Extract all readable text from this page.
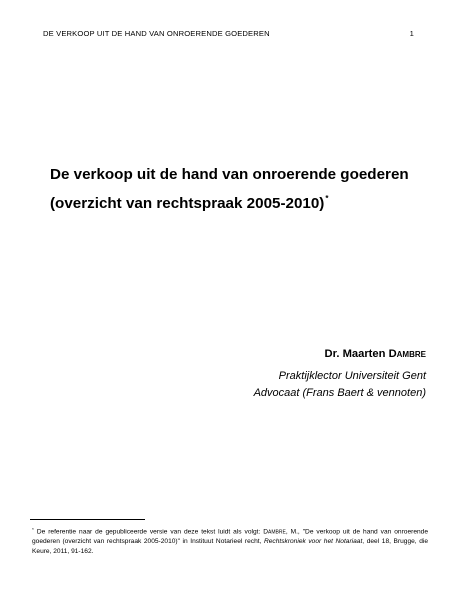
DE VERKOOP UIT DE HAND VAN ONROERENDE GOEDEREN	1
De verkoop uit de hand van onroerende goederen
(overzicht van rechtspraak 2005-2010)*
Dr. Maarten Dambre
Praktijklector Universiteit Gent
Advocaat (Frans Baert & vennoten)
* De referentie naar de gepubliceerde versie van deze tekst luidt als volgt: Dambre, M., "De verkoop uit de hand van onroerende goederen (overzicht van rechtspraak 2005-2010)" in Instituut Notarieel recht, Rechtskroniek voor het Notariaat, deel 18, Brugge, die Keure, 2011, 91-162.
